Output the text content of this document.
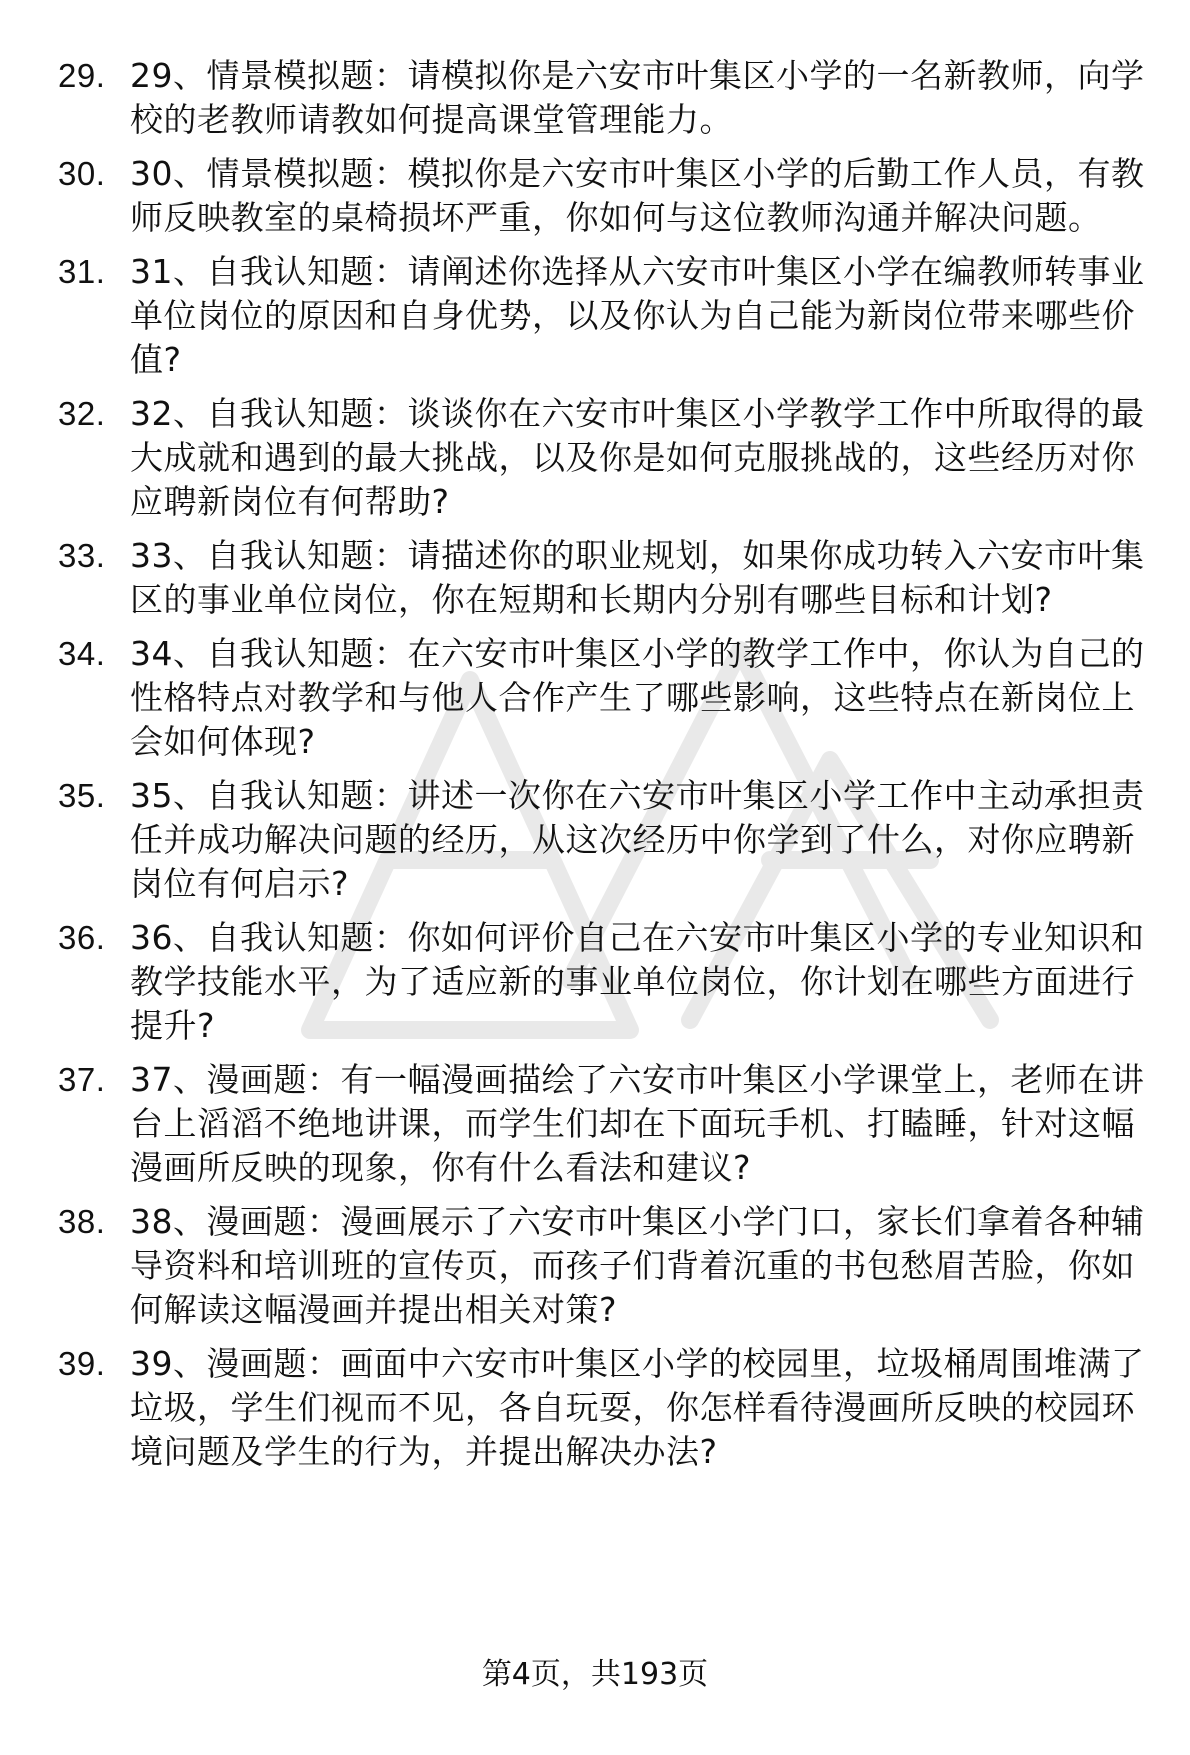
29. 29、情景模拟题：请模拟你是六安市叶集区小学的一名新教师，向学校的老教师请教如何提高课堂管理能力。
30. 30、情景模拟题：模拟你是六安市叶集区小学的后勤工作人员，有教师反映教室的桌椅损坏严重，你如何与这位教师沟通并解决问题。
31. 31、自我认知题：请阐述你选择从六安市叶集区小学在编教师转事业单位岗位的原因和自身优势，以及你认为自己能为新岗位带来哪些价值?
32. 32、自我认知题：谈谈你在六安市叶集区小学教学工作中所取得的最大成就和遇到的最大挑战，以及你是如何克服挑战的，这些经历对你应聘新岗位有何帮助?
33. 33、自我认知题：请描述你的职业规划，如果你成功转入六安市叶集区的事业单位岗位，你在短期和长期内分别有哪些目标和计划?
34. 34、自我认知题：在六安市叶集区小学的教学工作中，你认为自己的性格特点对教学和与他人合作产生了哪些影响，这些特点在新岗位上会如何体现?
35. 35、自我认知题：讲述一次你在六安市叶集区小学工作中主动承担责任并成功解决问题的经历，从这次经历中你学到了什么，对你应聘新岗位有何启示?
36. 36、自我认知题：你如何评价自己在六安市叶集区小学的专业知识和教学技能水平，为了适应新的事业单位岗位，你计划在哪些方面进行提升?
37. 37、漫画题：有一幅漫画描绘了六安市叶集区小学课堂上，老师在讲台上滔滔不绝地讲课，而学生们却在下面玩手机、打瞌睡，针对这幅漫画所反映的现象，你有什么看法和建议?
38. 38、漫画题：漫画展示了六安市叶集区小学门口，家长们拿着各种辅导资料和培训班的宣传页，而孩子们背着沉重的书包愁眉苦脸，你如何解读这幅漫画并提出相关对策?
39. 39、漫画题：画面中六安市叶集区小学的校园里，垃圾桶周围堆满了垃圾，学生们视而不见，各自玩耍，你怎样看待漫画所反映的校园环境问题及学生的行为，并提出解决办法?
第4页，共193页
